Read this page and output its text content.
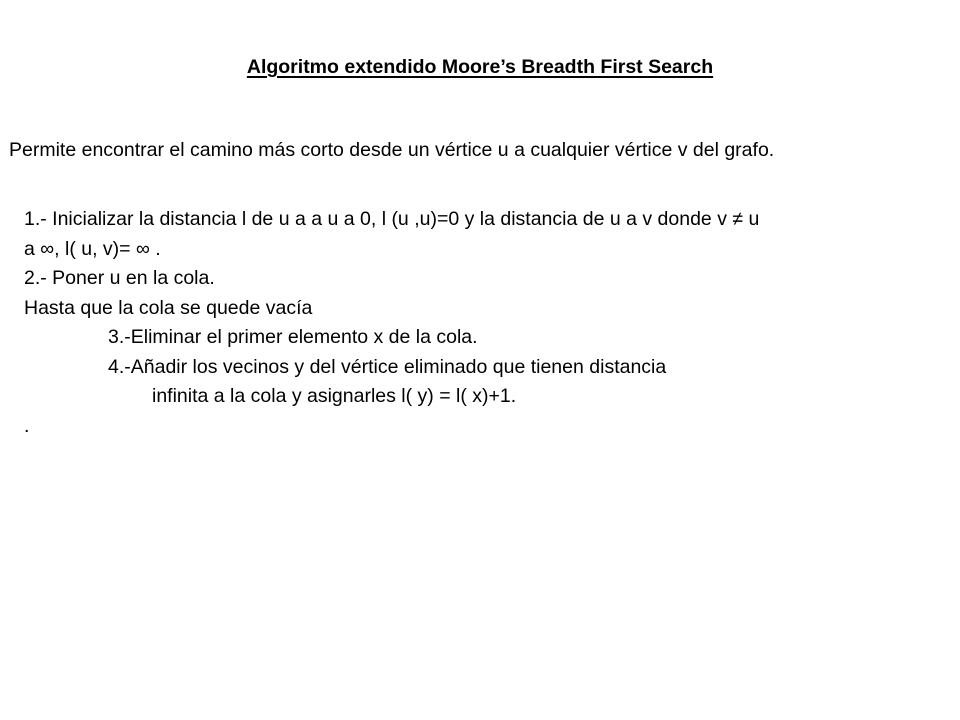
Algoritmo extendido Moore’s Breadth First Search
Permite encontrar el camino más corto desde un vértice u a cualquier vértice v del grafo.
1.- Inicializar la distancia l de u a a u a 0, l (u ,u)=0 y la distancia de u a v donde v ≠ u
a ∞, l( u, v)= ∞ .
2.- Poner u en la cola.
Hasta que la cola se quede vacía
3.-Eliminar el primer elemento x de la cola.
4.-Añadir los vecinos y del vértice eliminado que tienen distancia
infinita a la cola y asignarles l( y) = l( x)+1.
.
